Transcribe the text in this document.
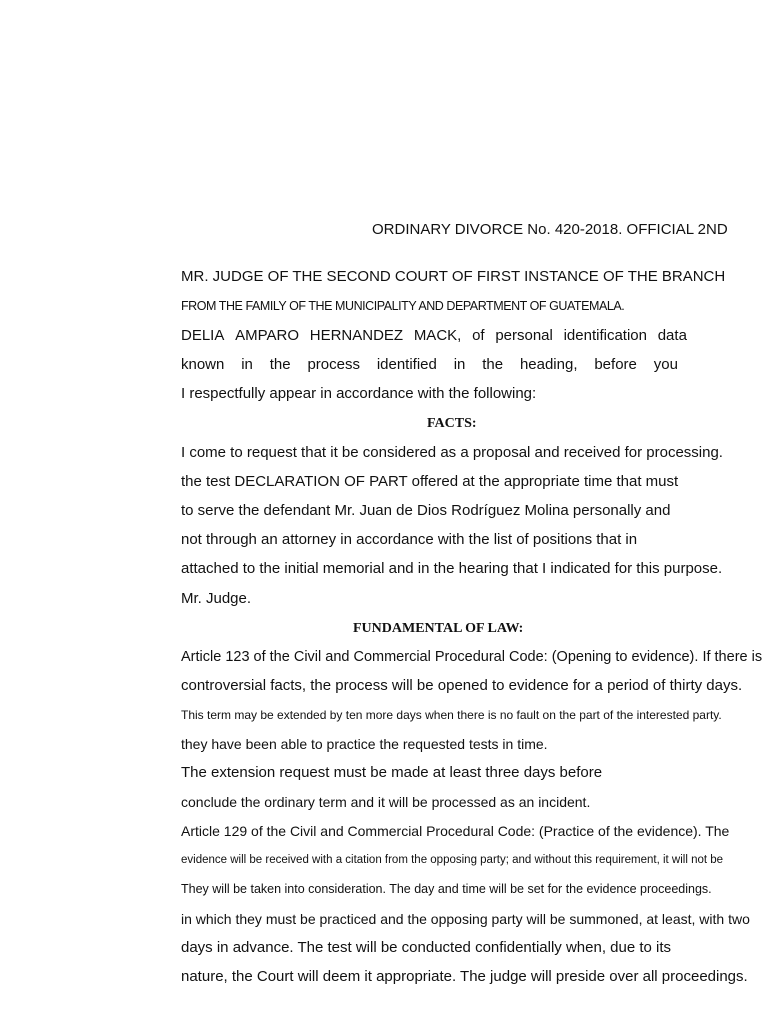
ORDINARY DIVORCE No. 420-2018. OFFICIAL 2ND
MR. JUDGE OF THE SECOND COURT OF FIRST INSTANCE OF THE BRANCH
FROM THE FAMILY OF THE MUNICIPALITY AND DEPARTMENT OF GUATEMALA.
DELIA AMPARO HERNANDEZ MACK, of personal identification data
known in the process identified in the heading, before you
I respectfully appear in accordance with the following:
FACTS:
I come to request that it be considered as a proposal and received for processing.
the test DECLARATION OF PART offered at the appropriate time that must
to serve the defendant Mr. Juan de Dios Rodríguez Molina personally and
not through an attorney in accordance with the list of positions that in
attached to the initial memorial and in the hearing that I indicated for this purpose.
Mr. Judge.
FUNDAMENTAL OF LAW:
Article 123 of the Civil and Commercial Procedural Code: (Opening to evidence). If there is
controversial facts, the process will be opened to evidence for a period of thirty days.
This term may be extended by ten more days when there is no fault on the part of the interested party.
they have been able to practice the requested tests in time.
The extension request must be made at least three days before
conclude the ordinary term and it will be processed as an incident.
Article 129 of the Civil and Commercial Procedural Code: (Practice of the evidence). The
evidence will be received with a citation from the opposing party; and without this requirement, it will not be
They will be taken into consideration. The day and time will be set for the evidence proceedings.
in which they must be practiced and the opposing party will be summoned, at least, with two
days in advance. The test will be conducted confidentially when, due to its
nature, the Court will deem it appropriate. The judge will preside over all proceedings.
